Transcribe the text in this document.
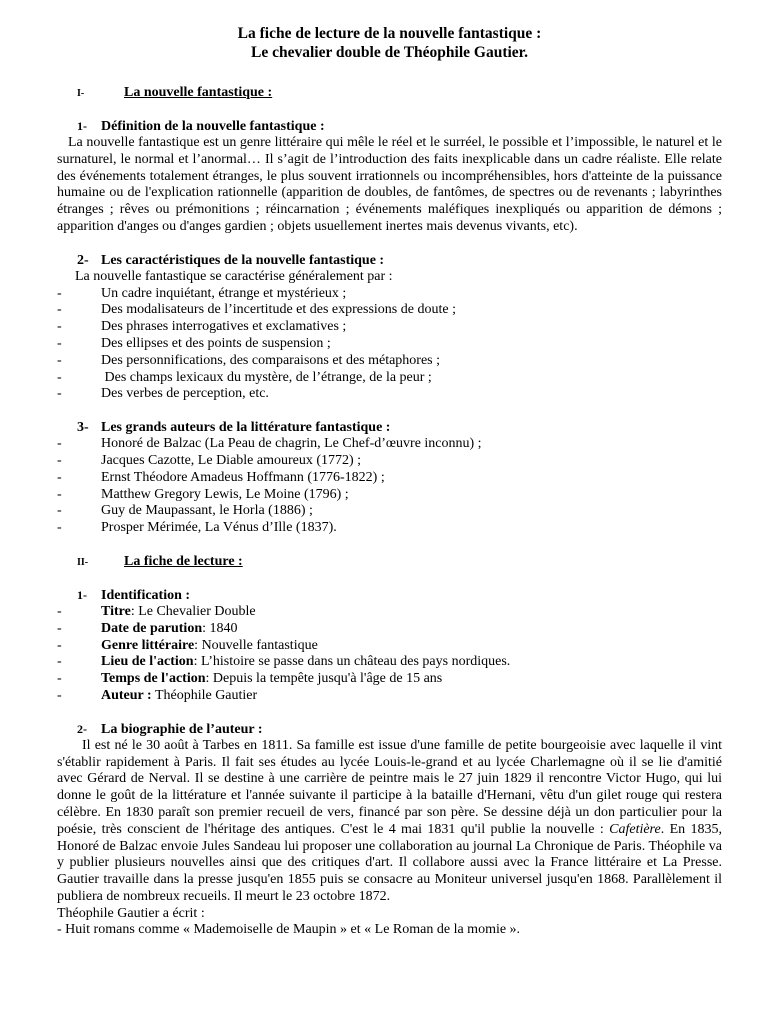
La fiche de lecture de la nouvelle fantastique :

Le chevalier double de Théophile Gautier.

I-	La nouvelle fantastique :
1- Définition de la nouvelle fantastique :

La nouvelle fantastique est un genre littéraire qui mêle le réel et le surréel, le possible et l’impossible, le naturel et le surnaturel, le normal et l’anormal… Il s’agit de l’introduction des faits inexplicable dans un cadre réaliste. Elle relate des événements totalement étranges, le plus souvent irrationnels ou incompréhensibles, hors d'atteinte de la puissance humaine ou de l'explication rationnelle (apparition de doubles, de fantômes, de spectres ou de revenants ; labyrinthes étranges ; rêves ou prémonitions ; réincarnation ; événements maléfiques inexpliqués ou apparition de démons ; apparition d'anges ou d'anges gardien ; objets usuellement inertes mais devenus vivants, etc).

2- Les caractéristiques de la nouvelle fantastique :
La nouvelle fantastique se caractérise généralement par :
-	Un cadre inquiétant, étrange et mystérieux ;
-	Des modalisateurs de l’incertitude et des expressions de doute ;
-	Des phrases interrogatives et exclamatives ;
-	Des ellipses et des points de suspension ;
-	Des personnifications, des comparaisons et des métaphores ;
-	Des champs lexicaux du mystère, de l’étrange, de la peur ;
-	Des verbes de perception, etc.
3- Les grands auteurs de la littérature fantastique :
-	Honoré de Balzac (La Peau de chagrin, Le Chef-d’œuvre inconnu) ;
-	Jacques Cazotte, Le Diable amoureux (1772) ;
-	Ernst Théodore Amadeus Hoffmann (1776-1822) ;
-	Matthew Gregory Lewis, Le Moine (1796) ;
-	Guy de Maupassant, le Horla (1886) ;
-	Prosper Mérimée, La Vénus d’Ille (1837).
II-	La fiche de lecture :
1- Identification :
-	Titre: Le Chevalier Double
-	Date de parution: 1840
-	Genre littéraire: Nouvelle fantastique
-	Lieu de l'action: L’histoire se passe dans un château des pays nordiques.
-	Temps de l'action: Depuis la tempête jusqu'à l'âge de 15 ans
-	Auteur : Théophile Gautier
2- La biographie de l’auteur :

Il est né le 30 août à Tarbes en 1811. Sa famille est issue d'une famille de petite bourgeoisie avec laquelle il vint s'établir rapidement à Paris. Il fait ses études au lycée Louis-le-grand et au lycée Charlemagne où il se lie d'amitié avec Gérard de Nerval. Il se destine à une carrière de peintre mais le 27 juin 1829 il rencontre Victor Hugo, qui lui donne le goût de la littérature et l'année suivante il participe à la bataille d'Hernani, vêtu d'un gilet rouge qui restera célèbre. En 1830 paraît son premier recueil de vers, financé par son père. Se dessine déjà un don particulier pour la poésie, très conscient de l'héritage des antiques. C'est le 4 mai 1831 qu'il publie la nouvelle : Cafetière. En 1835, Honoré de Balzac envoie Jules Sandeau lui proposer une collaboration au journal La Chronique de Paris. Théophile va y publier plusieurs nouvelles ainsi que des critiques d'art. Il collabore aussi avec la France littéraire et La Presse. Gautier travaille dans la presse jusqu'en 1855 puis se consacre au Moniteur universel jusqu'en 1868. Parallèlement il publiera de nombreux recueils. Il meurt le 23 octobre 1872.

Théophile Gautier a écrit :
- Huit romans comme « Mademoiselle de Maupin » et « Le Roman de la momie ».
